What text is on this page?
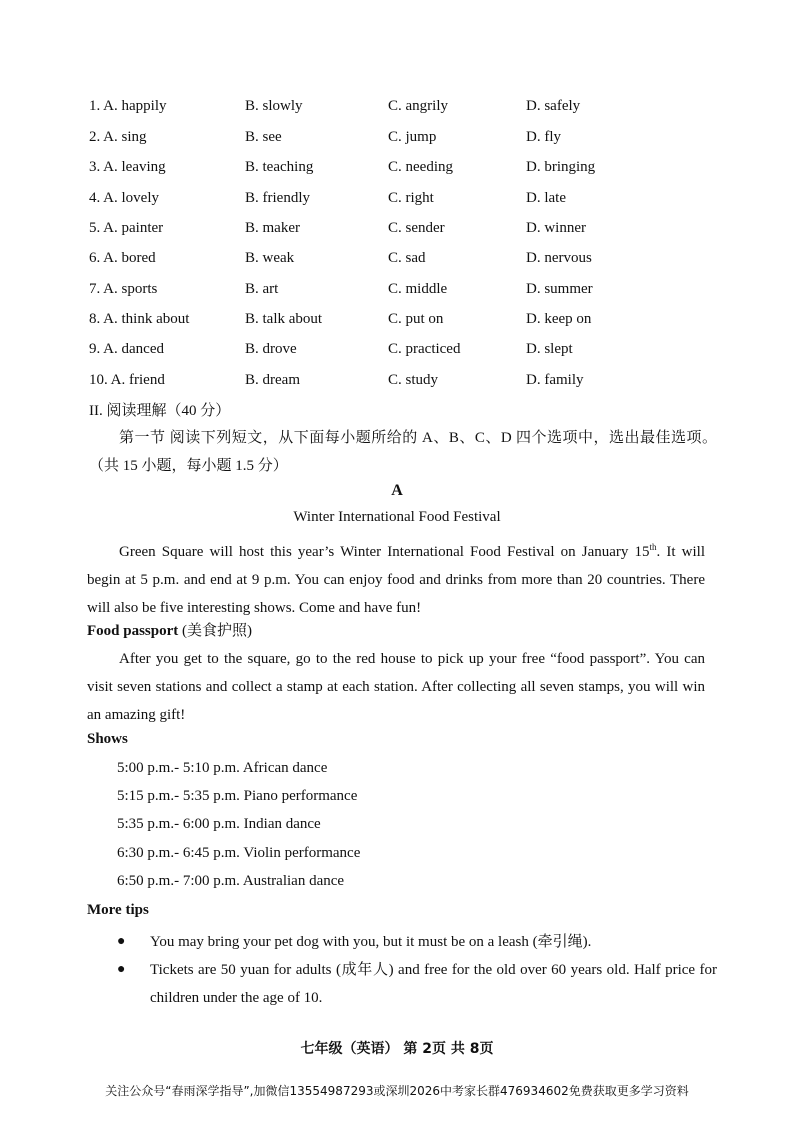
1. A. happily	B. slowly	C. angrily	D. safely
2. A. sing	B. see	C. jump	D. fly
3. A. leaving	B. teaching	C. needing	D. bringing
4. A. lovely	B. friendly	C. right	D. late
5. A. painter	B. maker	C. sender	D. winner
6. A. bored	B. weak	C. sad	D. nervous
7. A. sports	B. art	C. middle	D. summer
8. A. think about	B. talk about	C. put on	D. keep on
9. A. danced	B. drove	C. practiced	D. slept
10. A. friend	B. dream	C. study	D. family
II. 阅读理解（40 分）
第一节 阅读下列短文，从下面每小题所给的 A、B、C、D 四个选项中，选出最佳选项。（共 15 小题，每小题 1.5 分）
A
Winter International Food Festival
Green Square will host this year’s Winter International Food Festival on January 15th. It will begin at 5 p.m. and end at 9 p.m. You can enjoy food and drinks from more than 20 countries. There will also be five interesting shows. Come and have fun!
Food passport (美食护照)
After you get to the square, go to the red house to pick up your free “food passport”. You can visit seven stations and collect a stamp at each station. After collecting all seven stamps, you will win an amazing gift!
Shows
5:00 p.m.- 5:10 p.m. African dance
5:15 p.m.- 5:35 p.m. Piano performance
5:35 p.m.- 6:00 p.m. Indian dance
6:30 p.m.- 6:45 p.m. Violin performance
6:50 p.m.- 7:00 p.m. Australian dance
More tips
● You may bring your pet dog with you, but it must be on a leash (牵引绳).
● Tickets are 50 yuan for adults (成年人) and free for the old over 60 years old. Half price for children under the age of 10.
七年级（英语） 第 2页 共 8页
关注公众号“春雨深学指导”,加微信13554987293或深圳2026中考家长群476934602免费获取更多学习资料
